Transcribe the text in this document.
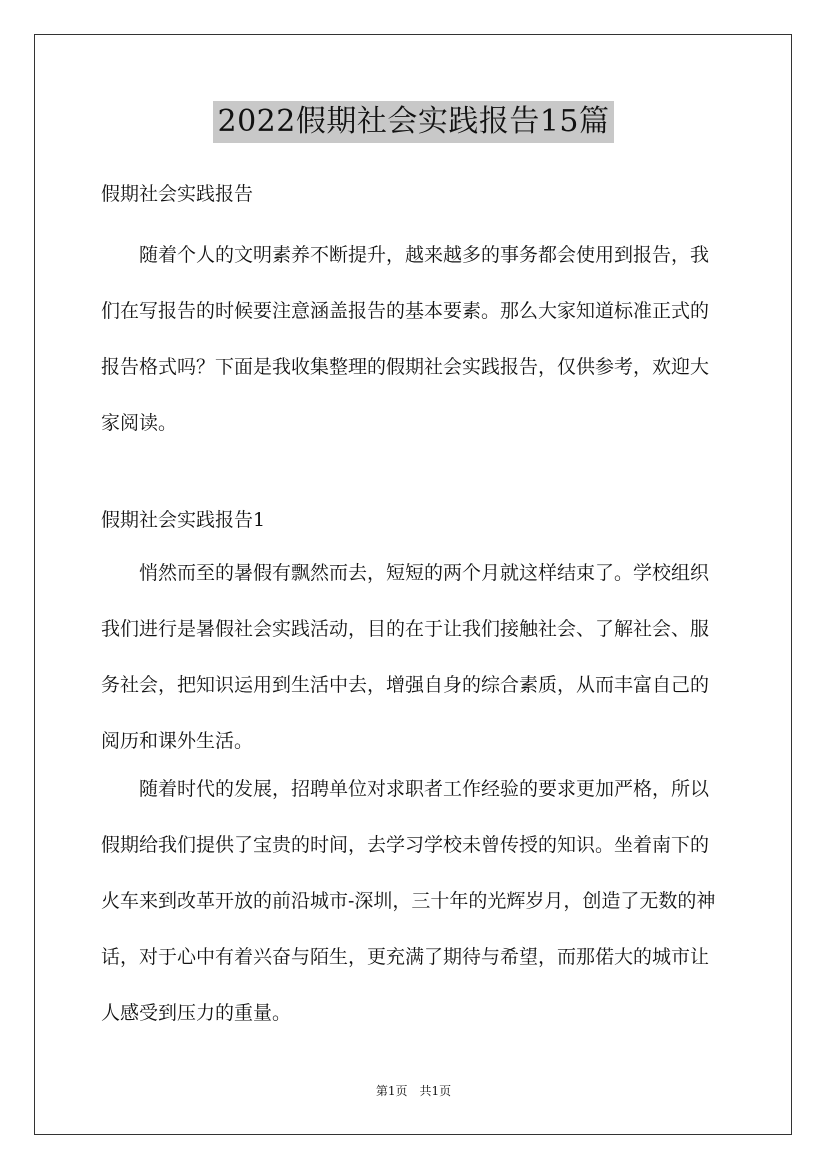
2022假期社会实践报告15篇

假期社会实践报告

随着个人的文明素养不断提升，越来越多的事务都会使用到报告，我们在写报告的时候要注意涵盖报告的基本要素。那么大家知道标准正式的报告格式吗？下面是我收集整理的假期社会实践报告，仅供参考，欢迎大家阅读。

假期社会实践报告1

悄然而至的暑假有飘然而去，短短的两个月就这样结束了。学校组织我们进行是暑假社会实践活动，目的在于让我们接触社会、了解社会、服务社会，把知识运用到生活中去，增强自身的综合素质，从而丰富自己的阅历和课外生活。

随着时代的发展，招聘单位对求职者工作经验的要求更加严格，所以假期给我们提供了宝贵的时间，去学习学校未曾传授的知识。坐着南下的火车来到改革开放的前沿城市-深圳，三十年的光辉岁月，创造了无数的神话，对于心中有着兴奋与陌生，更充满了期待与希望，而那偌大的城市让人感受到压力的重量。

第1页 共1页
